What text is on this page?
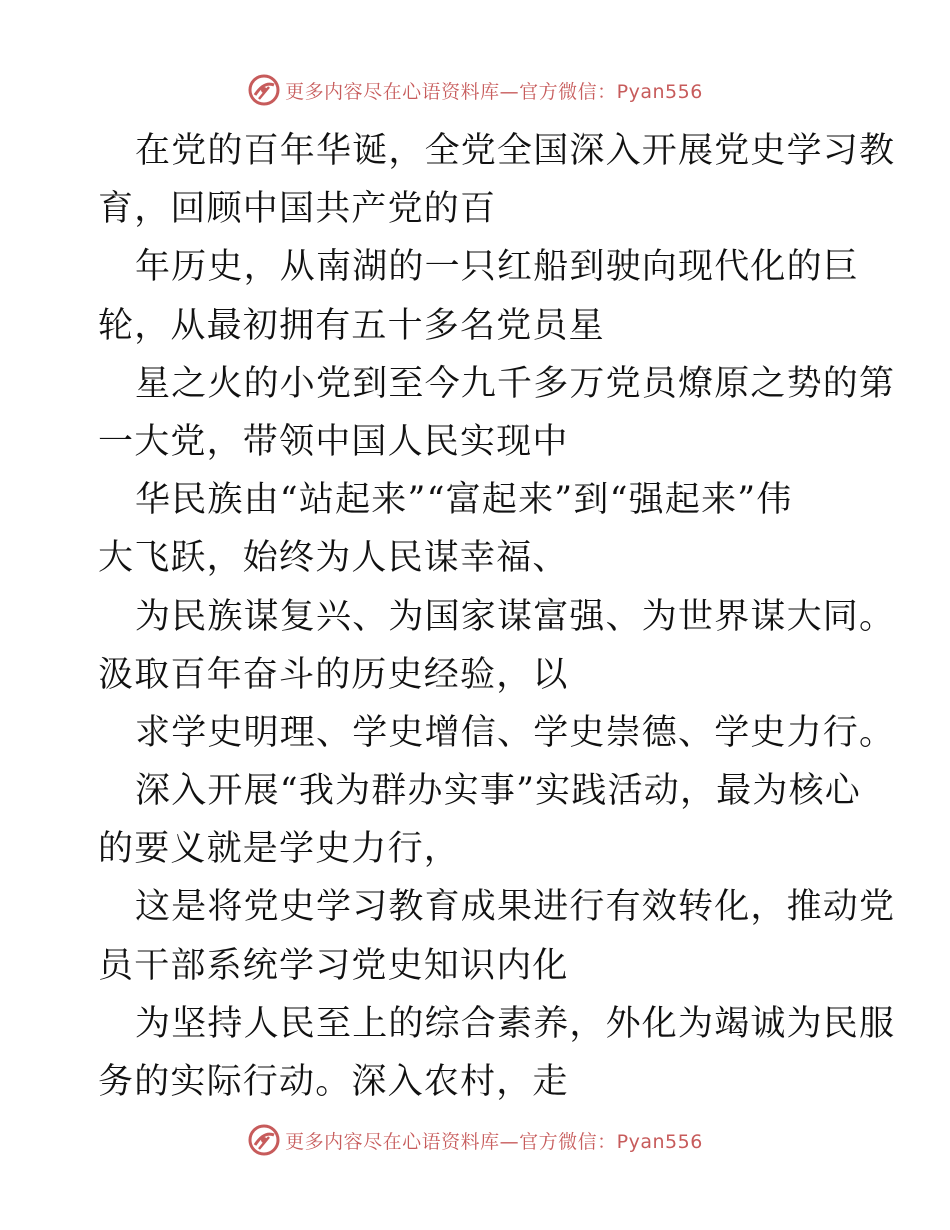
更多内容尽在心语资料库—官方微信：Pyan556
在党的百年华诞，全党全国深入开展党史学习教
育，回顾中国共产党的百
年历史，从南湖的一只红船到驶向现代化的巨
轮，从最初拥有五十多名党员星
星之火的小党到至今九千多万党员燎原之势的第
一大党，带领中国人民实现中
华民族由“站起来”“富起来”到“强起来”伟
大飞跃，始终为人民谋幸福、
为民族谋复兴、为国家谋富强、为世界谋大同。
汲取百年奋斗的历史经验，以
求学史明理、学史增信、学史崇德、学史力行。
深入开展“我为群办实事”实践活动，最为核心
的要义就是学史力行，
这是将党史学习教育成果进行有效转化，推动党
员干部系统学习党史知识内化
为坚持人民至上的综合素养，外化为竭诚为民服
务的实际行动。深入农村，走
更多内容尽在心语资料库—官方微信：Pyan556
